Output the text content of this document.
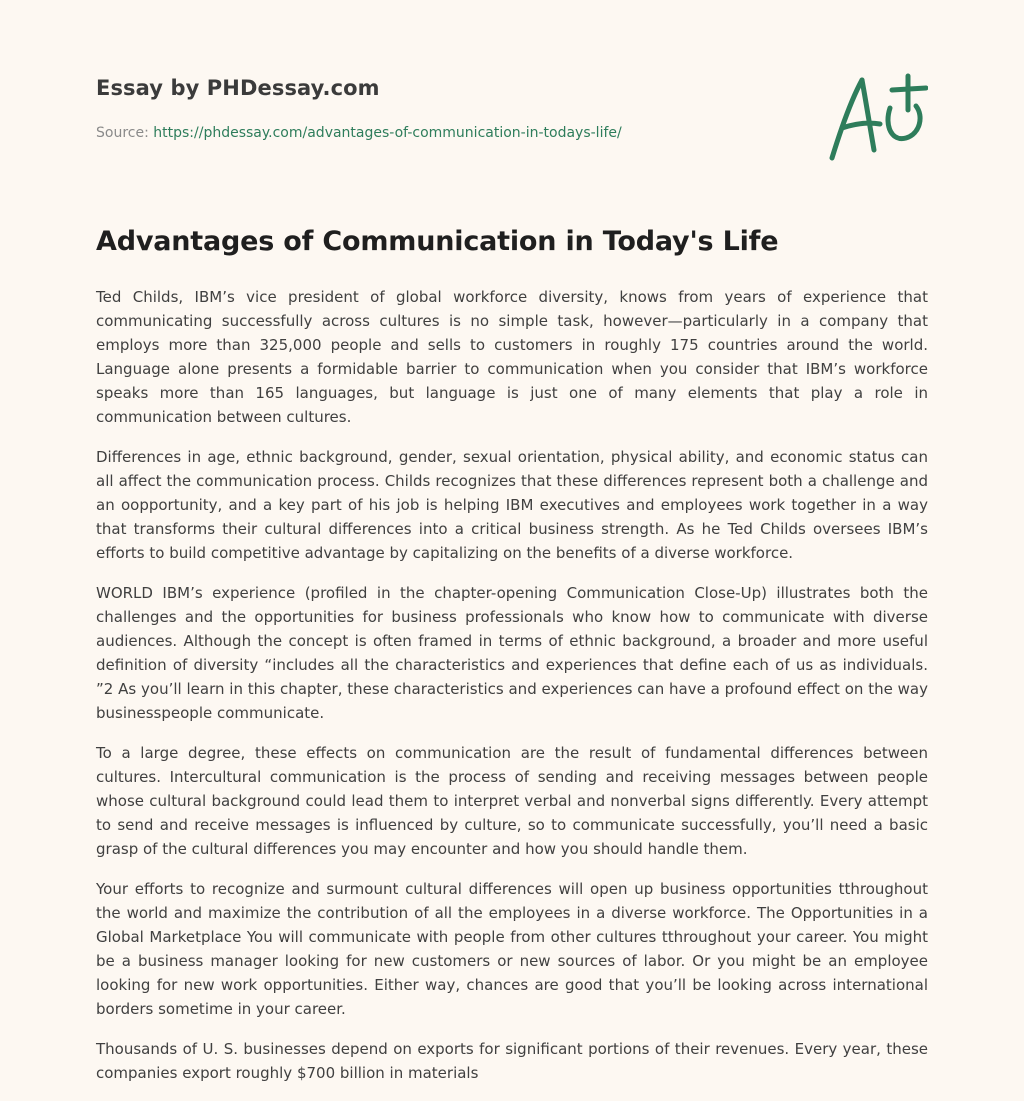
Essay by PHDessay.com
Source: https://phdessay.com/advantages-of-communication-in-todays-life/
Advantages of Communication in Today's Life

Ted Childs, IBM’s vice president of global workforce diversity, knows from years of experience that communicating successfully across cultures is no simple task, however—particularly in a company that employs more than 325,000 people and sells to customers in roughly 175 countries around the world. Language alone presents a formidable barrier to communication when you consider that IBM’s workforce speaks more than 165 languages, but language is just one of many elements that play a role in communication between cultures.

Differences in age, ethnic background, gender, sexual orientation, physical ability, and economic status can all affect the communication process. Childs recognizes that these differences represent both a challenge and an oopportunity, and a key part of his job is helping IBM executives and employees work together in a way that transforms their cultural differences into a critical business strength. As he Ted Childs oversees IBM’s efforts to build competitive advantage by capitalizing on the benefits of a diverse workforce.

WORLD IBM’s experience (profiled in the chapter-opening Communication Close-Up) illustrates both the challenges and the opportunities for business professionals who know how to communicate with diverse audiences. Although the concept is often framed in terms of ethnic background, a broader and more useful definition of diversity “includes all the characteristics and experiences that define each of us as individuals. ”2 As you’ll learn in this chapter, these characteristics and experiences can have a profound effect on the way businesspeople communicate.

To a large degree, these effects on communication are the result of fundamental differences between cultures. Intercultural communication is the process of sending and receiving messages between people whose cultural background could lead them to interpret verbal and nonverbal signs differently. Every attempt to send and receive messages is influenced by culture, so to communicate successfully, you’ll need a basic grasp of the cultural differences you may encounter and how you should handle them.

Your efforts to recognize and surmount cultural differences will open up business opportunities tthroughout the world and maximize the contribution of all the employees in a diverse workforce. The Opportunities in a Global Marketplace You will communicate with people from other cultures tthroughout your career. You might be a business manager looking for new customers or new sources of labor. Or you might be an employee looking for new work opportunities. Either way, chances are good that you’ll be looking across international borders sometime in your career.

Thousands of U. S. businesses depend on exports for significant portions of their revenues. Every year, these companies export roughly $700 billion in materials
